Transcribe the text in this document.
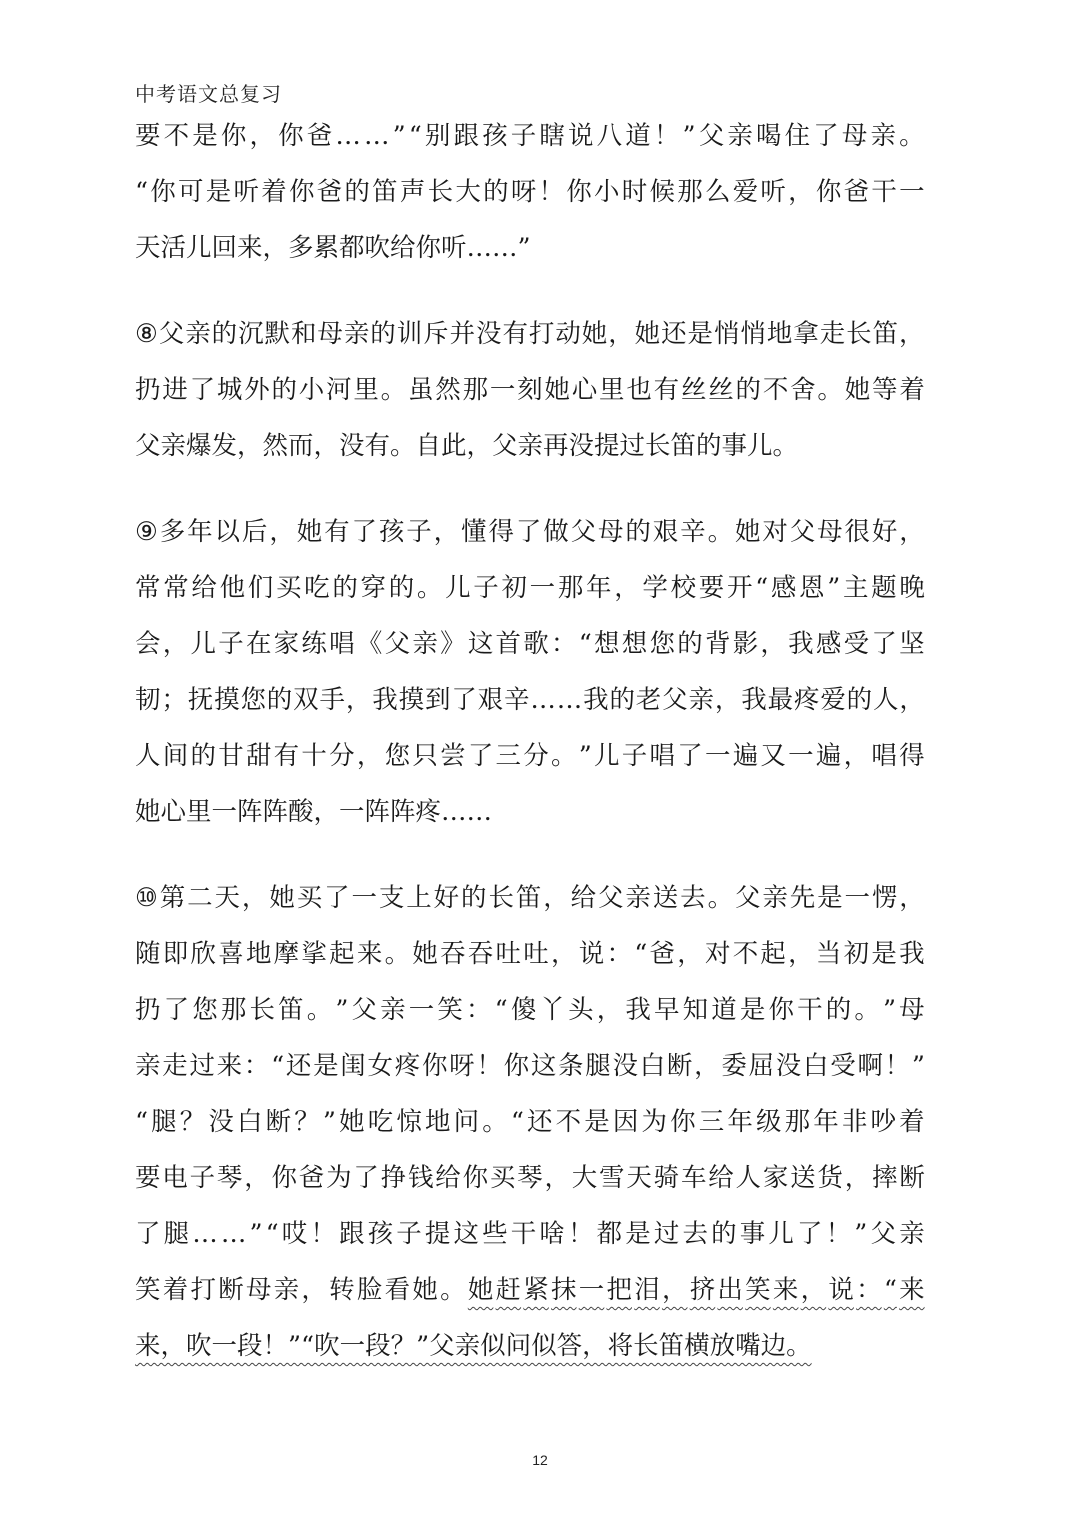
中考语文总复习
要 不 是 你 ， 你 爸 … … ” “ 别 跟 孩 子 瞎 说 八 道 ！ ” 父 亲 喝 住 了 母 亲 。
“ 你 可 是 听 着 你 爸 的 笛 声 长 大 的 呀 ！ 你 小 时 候 那 么 爱 听 ， 你 爸 干 一
天活儿回来，多累都吹给你听……”
⑧ 父 亲 的 沉 默 和 母 亲 的 训 斥 并 没 有 打 动 她 ， 她 还 是 悄 悄 地 拿 走 长 笛 ，
扔 进 了 城 外 的 小 河 里 。 虽 然 那 一 刻 她 心 里 也 有 丝 丝 的 不 舍 。 她 等 着
父亲爆发，然而，没有。自此，父亲再没提过长笛的事儿。
⑨ 多 年 以 后 ， 她 有 了 孩 子 ， 懂 得 了 做 父 母 的 艰 辛 。 她 对 父 母 很 好 ，
常 常 给 他 们 买 吃 的 穿 的 。 儿 子 初 一 那 年 ， 学 校 要 开 “ 感 恩 ” 主 题 晚
会 ， 儿 子 在 家 练 唱 《 父 亲 》 这 首 歌 ： “ 想 想 您 的 背 影 ， 我 感 受 了 坚
韧 ； 抚 摸 您 的 双 手 ， 我 摸 到 了 艰 辛 … … 我 的 老 父 亲 ， 我 最 疼 爱 的 人 ，
人 间 的 甘 甜 有 十 分 ， 您 只 尝 了 三 分 。 ” 儿 子 唱 了 一 遍 又 一 遍 ， 唱 得
她心里一阵阵酸，一阵阵疼……
⑩ 第 二 天 ， 她 买 了 一 支 上 好 的 长 笛 ， 给 父 亲 送 去 。 父 亲 先 是 一 愣 ，
随 即 欣 喜 地 摩 挲 起 来 。 她 吞 吞 吐 吐 ， 说 ： “ 爸 ， 对 不 起 ， 当 初 是 我
扔 了 您 那 长 笛 。 ” 父 亲 一 笑 ： “ 傻 丫 头 ， 我 早 知 道 是 你 干 的 。 ” 母
亲 走 过 来 ： “ 还 是 闺 女 疼 你 呀 ！ 你 这 条 腿 没 白 断 ， 委 屈 没 白 受 啊 ！ ”
“ 腿 ？ 没 白 断 ？ ” 她 吃 惊 地 问 。 “ 还 不 是 因 为 你 三 年 级 那 年 非 吵 着
要 电 子 琴 ， 你 爸 为 了 挣 钱 给 你 买 琴 ， 大 雪 天 骑 车 给 人 家 送 货 ， 摔 断
了 腿 … … ” “ 哎 ！ 跟 孩 子 提 这 些 干 啥 ！ 都 是 过 去 的 事 儿 了 ！ ” 父 亲
笑 着 打 断 母 亲 ， 转 脸 看 她 。 她 赶 紧 抹 一 把 泪 ， 挤 出 笑 来 ， 说 ： “ 来
来，吹一段！”“吹一段？”父亲似问似答，将长笛横放嘴边。
12
